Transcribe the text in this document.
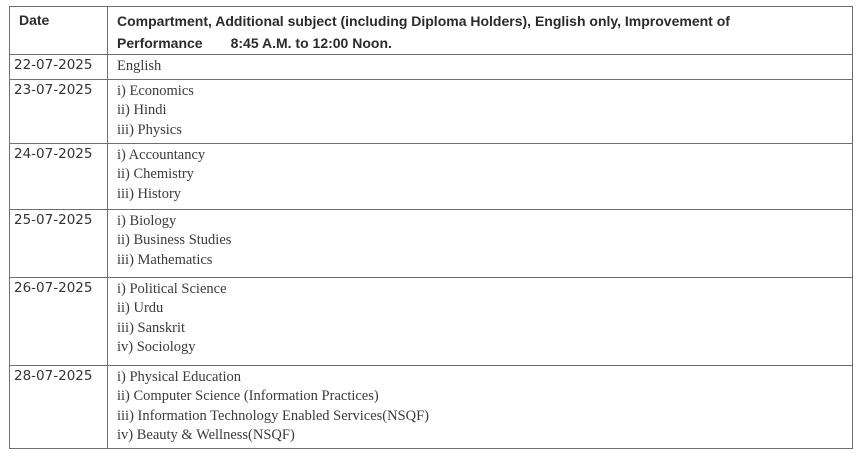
Date	Compartment, Additional subject (including Diploma Holders), English only, Improvement of
Performance 8:45 A.M. to 12:00 Noon.

22-07-2025	English

23-07-2025	i) Economics
ii) Hindi
iii) Physics

24-07-2025	i) Accountancy
ii) Chemistry
iii) History

25-07-2025	i) Biology
ii) Business Studies
iii) Mathematics

26-07-2025	i) Political Science
ii) Urdu
iii) Sanskrit
iv) Sociology

28-07-2025	i) Physical Education
ii) Computer Science (Information Practices)
iii) Information Technology Enabled Services(NSQF)
iv) Beauty & Wellness(NSQF)
